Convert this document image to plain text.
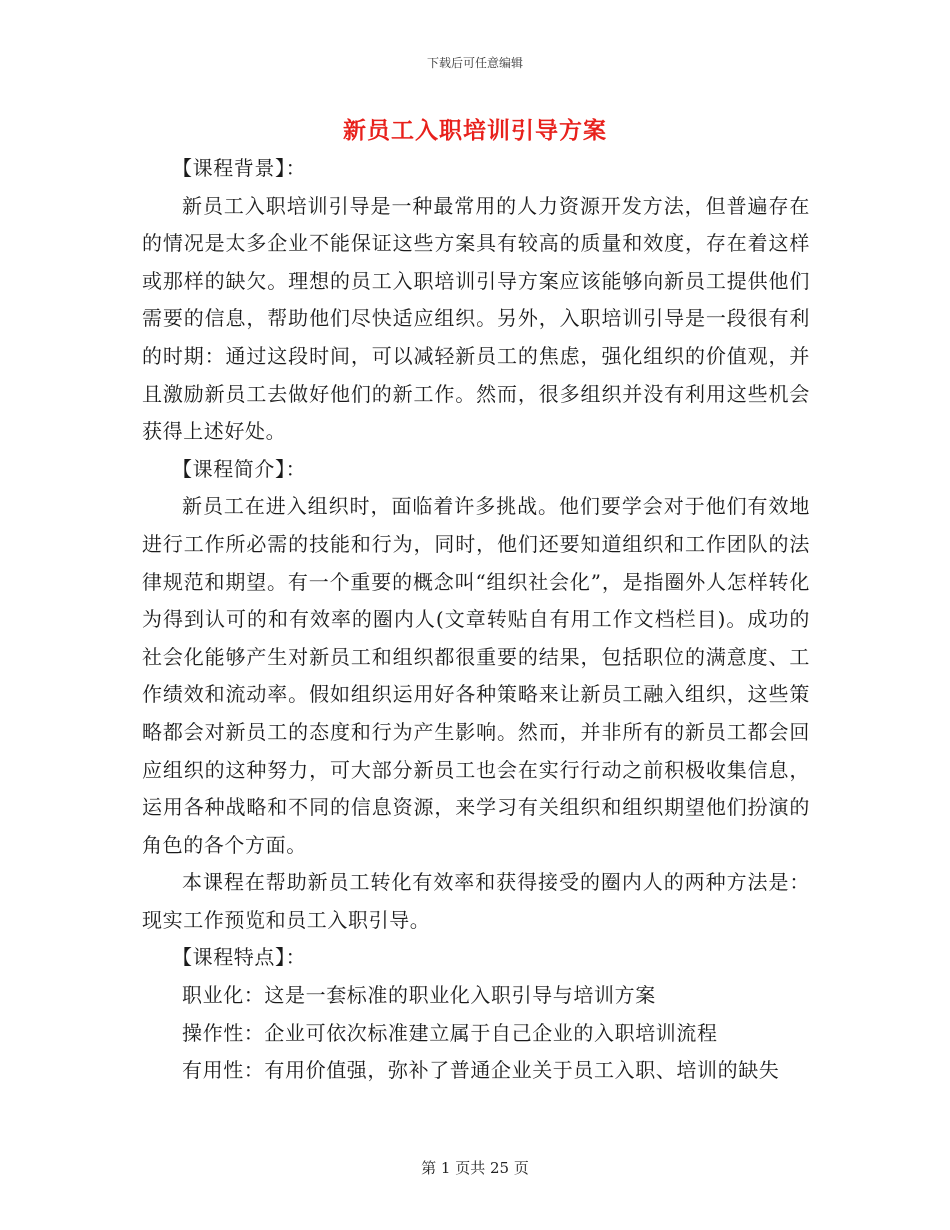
下载后可任意编辑
新员工入职培训引导方案

【课程背景】：

新员工入职培训引导是一种最常用的人力资源开发方法，但普遍存在的情况是太多企业不能保证这些方案具有较高的质量和效度，存在着这样或那样的缺欠。理想的员工入职培训引导方案应该能够向新员工提供他们需要的信息，帮助他们尽快适应组织。另外，入职培训引导是一段很有利的时期：通过这段时间，可以减轻新员工的焦虑，强化组织的价值观，并且激励新员工去做好他们的新工作。然而，很多组织并没有利用这些机会获得上述好处。

【课程简介】：

新员工在进入组织时，面临着许多挑战。他们要学会对于他们有效地进行工作所必需的技能和行为，同时，他们还要知道组织和工作团队的法律规范和期望。有一个重要的概念叫“组织社会化”，是指圈外人怎样转化为得到认可的和有效率的圈内人(文章转贴自有用工作文档栏目)。成功的社会化能够产生对新员工和组织都很重要的结果，包括职位的满意度、工作绩效和流动率。假如组织运用好各种策略来让新员工融入组织，这些策略都会对新员工的态度和行为产生影响。然而，并非所有的新员工都会回应组织的这种努力，可大部分新员工也会在实行行动之前积极收集信息，运用各种战略和不同的信息资源，来学习有关组织和组织期望他们扮演的角色的各个方面。

本课程在帮助新员工转化有效率和获得接受的圈内人的两种方法是：现实工作预览和员工入职引导。

【课程特点】：

职业化：这是一套标准的职业化入职引导与培训方案

操作性：企业可依次标准建立属于自己企业的入职培训流程

有用性：有用价值强，弥补了普通企业关于员工入职、培训的缺失

第 1 页共 25 页
